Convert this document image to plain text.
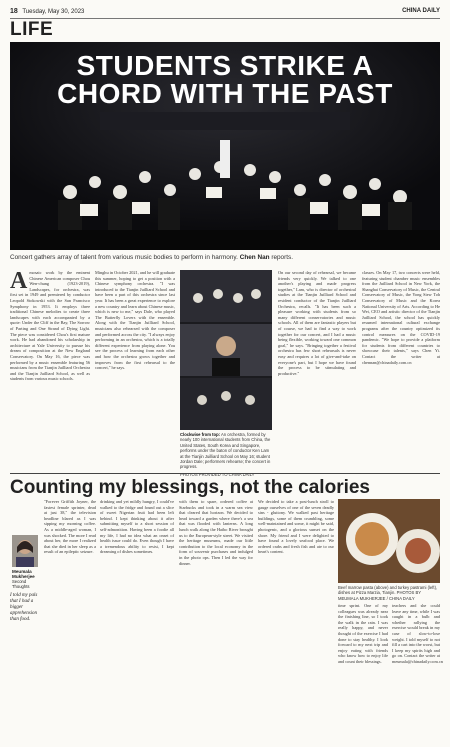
18 Tuesday, May 30, 2023	CHINA DAILY
LIFE
STUDENTS STRIKE A
CHORD WITH THE PAST
Concert gathers array of talent from various music bodies to perform in harmony. Chen Nan reports.
A mosaic work by the eminent Chinese American composer Chou Wen-chung (1923-2019), Landscapes, for orchestra, was first set in 1949 and premiered by conductor Leopold Stokowski with the San Francisco Symphony in 1953. It employs three traditional Chinese melodies to create three landscapes with each accompanied by a quote: Under the Cliff in the Bay, The Sorrow of Parting and One Strand of Dying Light. The piece was considered Chou's first mature work. He had abandoned his scholarship in architecture at Yale University to pursue his dream of composition at the New England Conservatory. On May 16, the piece was performed by a music ensemble featuring 56 musicians from the Tianjin Juilliard Orchestra and the Tianjin Juilliard School, as well as students from various music schools.
Minghu in October 2021, and he will graduate this summer, hoping to get a position with a Chinese symphony orchestra. "I was introduced to the Tianjin Juilliard School and have been a part of this orchestra since last year. It has been a great experience to explore a new country and learn about Chinese music, which is new to me," says Dale, who played The Butterfly Lovers with the ensemble. Along with the Tianjin Juilliard School, musicians also rehearsed with the composer and performed across the city. "I always enjoy performing in an orchestra, which is a totally different experience from playing alone. You see the process of learning from each other and how the orchestra grows together and improves from the first rehearsal to the concert," he says.
Clockwise from top: An orchestra, formed by nearly 100 international students from China, the United States, South Korea and Singapore, performs under the baton of conductor Ken Lam at the Tianjin Juilliard School on May 16; student Jordan Dale; performers rehearse; the concert in progress.
PHOTOS PROVIDED TO CHINA DAILY
On our second day of rehearsal, we became friends very quickly. We talked to one another's playing and made progress together," Lam, who is director of orchestral studies at the Tianjin Juilliard School and resident conductor of the Tianjin Juilliard Orchestra, recalls. "It has been such a pleasure working with students from so many different conservatories and music schools. All of them are fantastic players but of course, we had to find a way to work together for our concert, and I had a music being flexible, working toward one common goal," he says. "Bringing together a festival orchestra has few short rehearsals is never easy and requires a lot of give-and-take on everyone's part, but I hope we have found the process to be stimulating and productive."
classes. On May 17, two concerts were held, featuring student chamber music ensembles from the Juilliard School in New York, the Shanghai Conservatory of Music, the Central Conservatory of Music, the Yong Siew Toh Conservatory of Music and the Korea National University of Arts. According to He Wei, CEO and artistic director of the Tianjin Juilliard School, the school has quickly resumed international cultural exchange programs after the country optimized its control measures on the COVID-19 pandemic. "We hope to provide a platform for students from different countries to showcase their talents," says Chen Yi. Contact the writer at chennan@chinadaily.com.cn
Counting my blessings, not the calories
"Forever Griffith Joyner, the fastest female sprinter, dead at just 38," the television headline blared as I was sipping my morning coffee. As a middle-aged woman, I was shocked. The more I read about her, the more I realized that she died in her sleep as a result of an epileptic seizure.
Meumala Mukherjee
Second Thoughts
I told my pals that I had a bigger apprehension than food.
drinking and yet mildly hungry, I could've walked to the fridge and found out a slice of sweet Nigerian fruit had been left behind. I kept thinking about it after submitting myself to a short session of self-admonition. Having been a foodie all my life, I had no idea what an onset of health issue could do. Even though I have a tremendous ability to resist, I kept dreaming of dishes sometimes.
with them to spare, ordered coffee at Starbucks and took in a warm sea view that cleared that horizon. We decided to head toward a garden where there's a sea that was flooded with lanterns. A long lunch walk along the Haibo River brought us to the European-style street. We visited the heritage museums, made our little contribution to the local economy in the form of souvenir purchases and indulged in the photo ops. Then I led the way for dinner.
We decided to take a post-lunch stroll to gauge ourselves of one of the seven deadly sins - gluttony. We walked past heritage buildings, some of them crumbling, some well-maintained and some, it might be said, photogenic, and a glorious sunset on the shore. My friend and I were delighted to have found a lovely seafood place. We ordered crabs and fresh fish and ate to our heart's content.
Beef marrow pasta (above) and turkey pastrami (left), dishes at Pizza Marzia, Tianjin. PHOTOS BY MEUMALA MUKHERJEE / CHINA DAILY
time sprint. One of my colleagues was already near the finishing line, so I took the walk in the rain. I was really happy, and never thought of the exercise I had done to stay healthy. I look forward to my next trip and enjoy eating with friends who know how to enjoy life and count their blessings.
teachers and she could leave any time, while I was caught in a bulb and whether rallying the exercise would break in my case of slow-to-lose weight. I told myself to not fill a cart into the worst, but I keep my spirits high and go on. Contact the writer at meumala@chinadaily.com.cn
